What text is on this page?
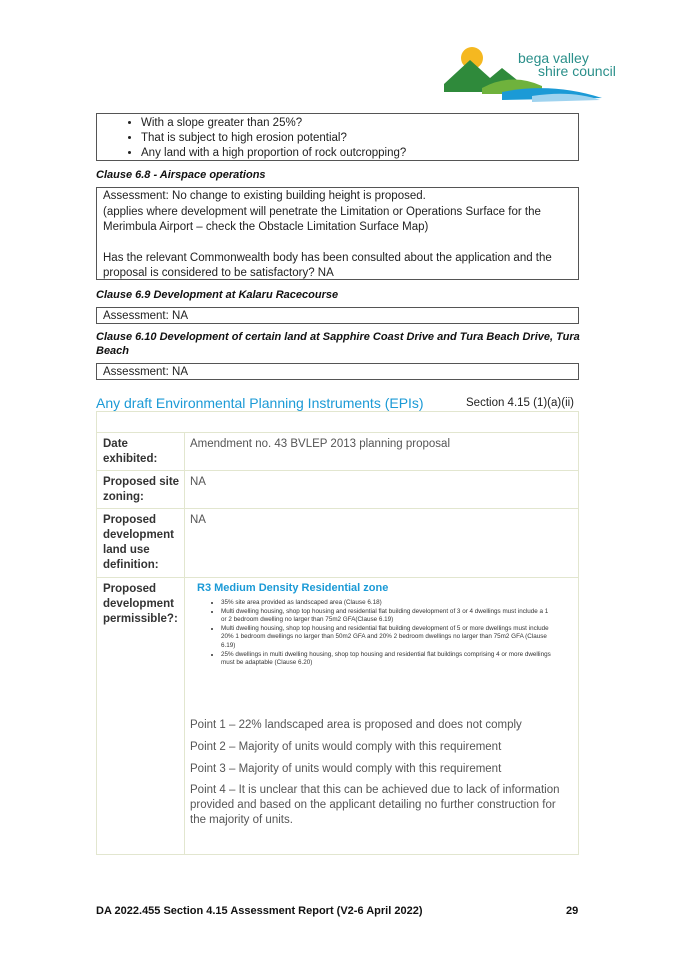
bega valley
shire council
• With a slope greater than 25%?
• That is subject to high erosion potential?
• Any land with a high proportion of rock outcropping?
Clause 6.8 - Airspace operations
Assessment: No change to existing building height is proposed.
(applies where development will penetrate the Limitation or Operations Surface for the Merimbula Airport – check the Obstacle Limitation Surface Map)
Has the relevant Commonwealth body has been consulted about the application and the proposal is considered to be satisfactory? NA
Clause 6.9 Development at Kalaru Racecourse
Assessment: NA
Clause 6.10 Development of certain land at Sapphire Coast Drive and Tura Beach Drive, Tura Beach
Assessment: NA
Any draft Environmental Planning Instruments (EPIs)	Section 4.15 (1)(a)(ii)
Date exhibited:
Amendment no. 43 BVLEP 2013 planning proposal
Proposed site zoning:
NA
Proposed development land use definition:
NA
Proposed development permissible?:
R3 Medium Density Residential zone
• 35% site area provided as landscaped area (Clause 6.18)
• Multi dwelling housing, shop top housing and residential flat building development of 3 or 4 dwellings must include a 1 or 2 bedroom dwelling no larger than 75m2 GFA(Clause 6.19)
• Multi dwelling housing, shop top housing and residential flat building development of 5 or more dwellings must include 20% 1 bedroom dwellings no larger than 50m2 GFA and 20% 2 bedroom dwellings no larger than 75m2 GFA (Clause 6.19)
• 25% dwellings in multi dwelling housing, shop top housing and residential flat buildings comprising 4 or more dwellings must be adaptable (Clause 6.20)
Point 1 – 22% landscaped area is proposed and does not comply
Point 2 – Majority of units would comply with this requirement
Point 3 – Majority of units would comply with this requirement
Point 4 – It is unclear that this can be achieved due to lack of information provided and based on the applicant detailing no further construction for the majority of units.
DA 2022.455 Section 4.15 Assessment Report (V2-6 April 2022)	29
